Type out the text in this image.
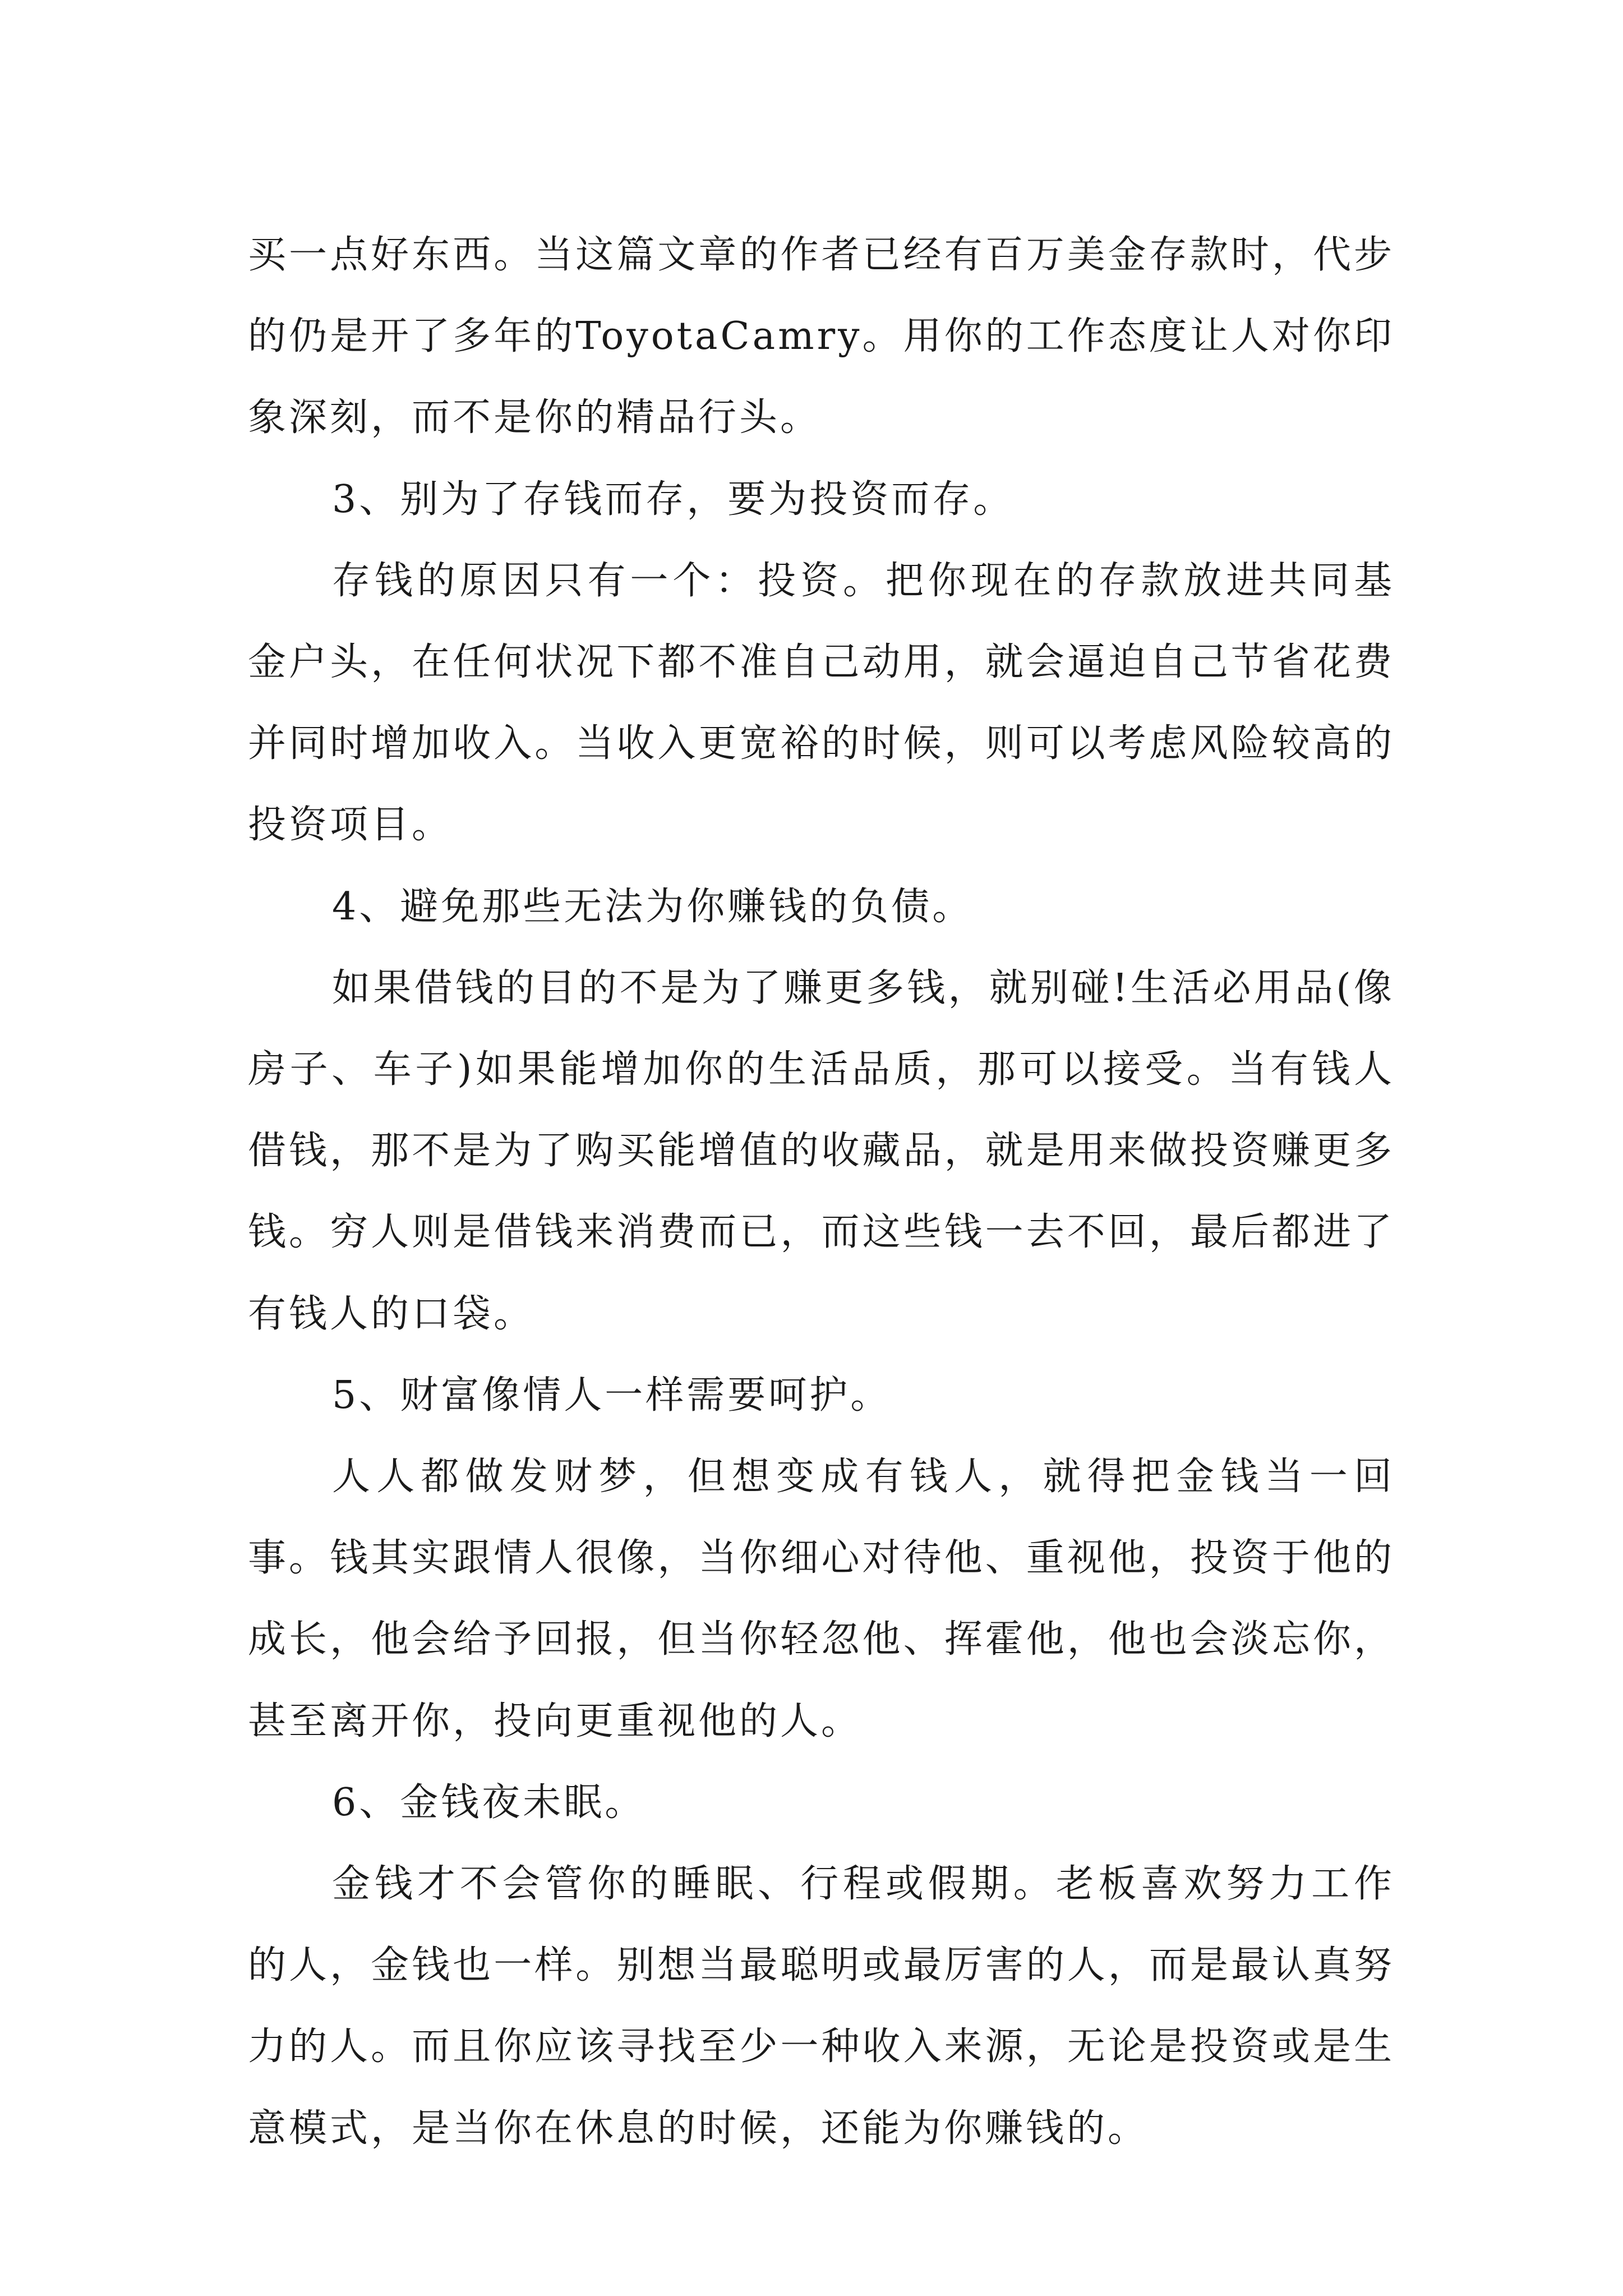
买一点好东西。当这篇文章的作者已经有百万美金存款时，代步的仍是开了多年的ToyotaCamry。用你的工作态度让人对你印象深刻，而不是你的精品行头。

3、别为了存钱而存，要为投资而存。

存钱的原因只有一个：投资。把你现在的存款放进共同基金户头，在任何状况下都不准自己动用，就会逼迫自己节省花费并同时增加收入。当收入更宽裕的时候，则可以考虑风险较高的投资项目。

4、避免那些无法为你赚钱的负债。

如果借钱的目的不是为了赚更多钱，就别碰!生活必用品(像房子、车子)如果能增加你的生活品质，那可以接受。当有钱人借钱，那不是为了购买能增值的收藏品，就是用来做投资赚更多钱。穷人则是借钱来消费而已，而这些钱一去不回，最后都进了有钱人的口袋。

5、财富像情人一样需要呵护。

人人都做发财梦，但想变成有钱人，就得把金钱当一回事。钱其实跟情人很像，当你细心对待他、重视他，投资于他的成长，他会给予回报，但当你轻忽他、挥霍他，他也会淡忘你，甚至离开你，投向更重视他的人。

6、金钱夜未眠。

金钱才不会管你的睡眠、行程或假期。老板喜欢努力工作的人，金钱也一样。别想当最聪明或最厉害的人，而是最认真努力的人。而且你应该寻找至少一种收入来源，无论是投资或是生意模式，是当你在休息的时候，还能为你赚钱的。
